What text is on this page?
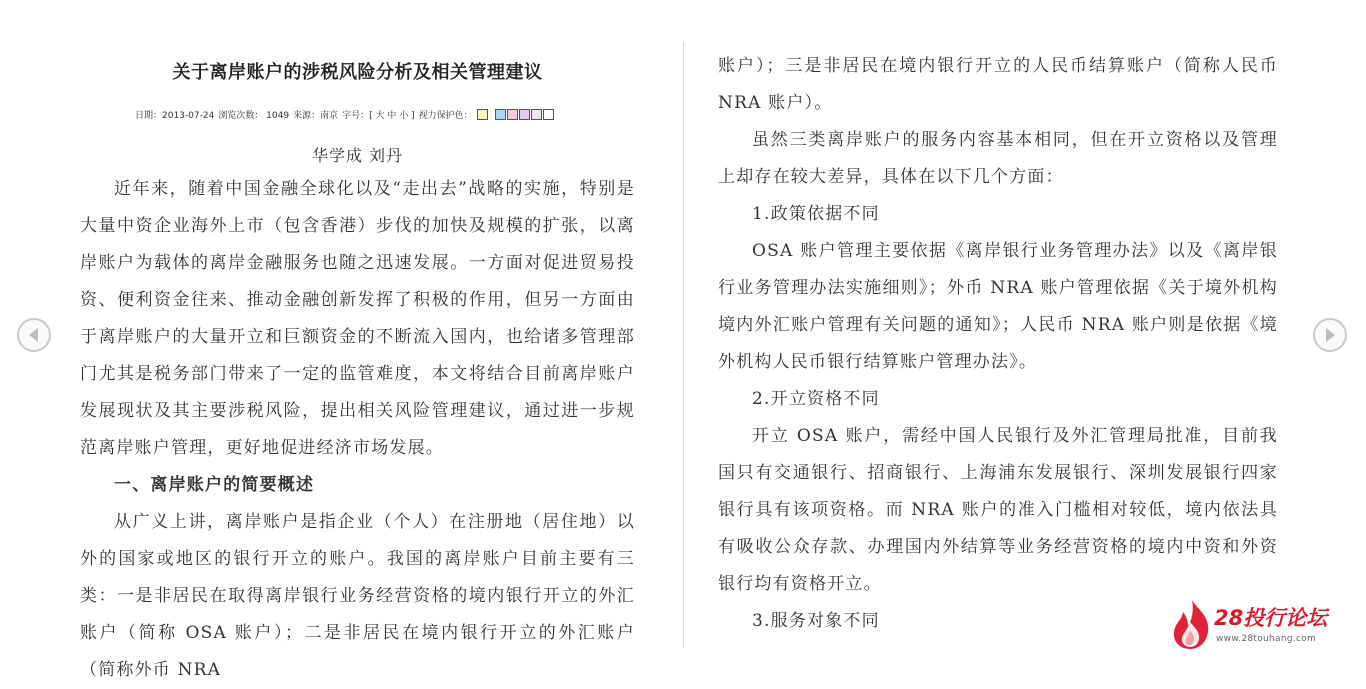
关于离岸账户的涉税风险分析及相关管理建议
日期：2013-07-24 浏览次数： 1049 来源：南京 字号：[ 大 中 小 ] 视力保护色：
华学成 刘丹

近年来，随着中国金融全球化以及“走出去”战略的实施，特别是大量中资企业海外上市（包含香港）步伐的加快及规模的扩张，以离岸账户为载体的离岸金融服务也随之迅速发展。一方面对促进贸易投资、便利资金往来、推动金融创新发挥了积极的作用，但另一方面由于离岸账户的大量开立和巨额资金的不断流入国内，也给诸多管理部门尤其是税务部门带来了一定的监管难度，本文将结合目前离岸账户发展现状及其主要涉税风险，提出相关风险管理建议，通过进一步规范离岸账户管理，更好地促进经济市场发展。

一、离岸账户的简要概述

从广义上讲，离岸账户是指企业（个人）在注册地（居住地）以外的国家或地区的银行开立的账户。我国的离岸账户目前主要有三类：一是非居民在取得离岸银行业务经营资格的境内银行开立的外汇账户（简称 OSA 账户）；二是非居民在境内银行开立的外汇账户（简称外币 NRA

账户）；三是非居民在境内银行开立的人民币结算账户（简称人民币 NRA 账户）。

虽然三类离岸账户的服务内容基本相同，但在开立资格以及管理上却存在较大差异，具体在以下几个方面：

1.政策依据不同

OSA 账户管理主要依据《离岸银行业务管理办法》以及《离岸银行业务管理办法实施细则》；外币 NRA 账户管理依据《关于境外机构境内外汇账户管理有关问题的通知》；人民币 NRA 账户则是依据《境外机构人民币银行结算账户管理办法》。

2.开立资格不同

开立 OSA 账户，需经中国人民银行及外汇管理局批准，目前我国只有交通银行、招商银行、上海浦东发展银行、深圳发展银行四家银行具有该项资格。而 NRA 账户的准入门槛相对较低，境内依法具有吸收公众存款、办理国内外结算等业务经营资格的境内中资和外资银行均有资格开立。

3.服务对象不同	28投行论坛
www.28touhang.com
